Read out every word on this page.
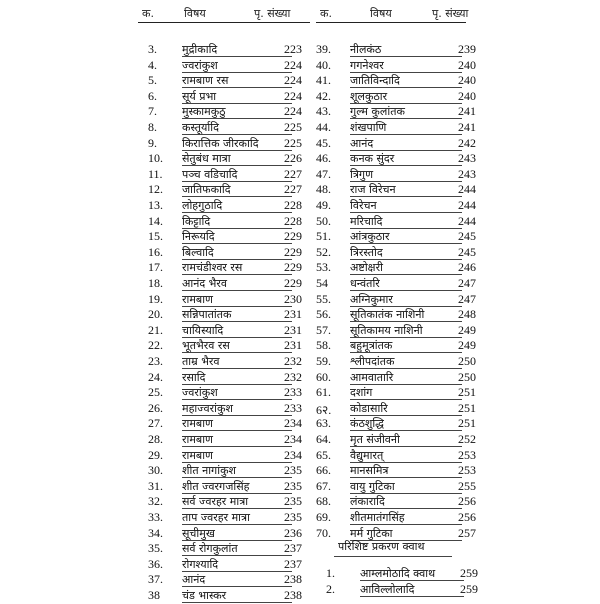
क.	विषय	पृ. संख्या	क.	विषय	पृ. संख्या
3.	मुद्रीकादि	223
4.	ज्वरांकुश	224
5.	रामबाण रस	224
6.	सूर्य प्रभा	224
7.	मुस्कामकुठु	224
8.	कस्तूर्यादि	225
9.	किरात्तिक जीरकादि	225
10.	सेतुबंध मात्रा	226
11.	पञ्च वडिचादि	227
12.	जातिफकादि	227
13.	लोहगुठादि	228
14.	किट्टादि	228
15.	निरूयदि	229
16.	बिल्वादि	229
17.	रामचंडीश्वर रस	229
18.	आनंद भैरव	229
19.	रामबाण	230
20.	सन्निपातांतक	231
21.	चायिस्यादि	231
22.	भूतभैरव रस	231
23.	ताम्र भैरव	232
24.	रसादि	232
25.	ज्वरांकुश	233
26.	महाज्वरांकुश	233
27.	रामबाण	234
28.	रामबाण	234
29.	रामबाण	234
30.	शीत नागांकुश	235
31.	शीत ज्वरगजसिंह	235
32.	सर्व ज्वरहर मात्रा	235
33.	ताप ज्वरहर मात्रा	235
34.	सूचीमुख	236
35.	सर्व रोगकुलांत	237
36.	रोगश्यादि	237
37.	आनंद	238
38	चंड भास्कर	238
39.	नीलकंठ	239
40.	गगनेश्वर	240
41.	जातिविन्दादि	240
42.	शूलकुठार	240
43.	गुल्म कुलांतक	241
44.	शंखपाणि	241
45.	आनंद	242
46.	कनक सुंदर	243
47.	त्रिगुण	243
48.	राज विरेचन	244
49.	विरेचन	244
50.	मरिचादि	244
51.	आंत्रकुठार	245
52.	त्रिरस्तोद	245
53.	अष्टोक्षरी	246
54	धन्वंतरि	247
55.	अग्निकुमार	247
56.	सूतिकातंक नाशिनी	248
57.	सूतिकामय नाशिनी	249
58.	बहुमूत्रांतक	249
59.	श्लीपदांतक	250
60.	आमवातारि	250
61.	दशांग	251
6२.	कोडासारि	251
63.	कंठशुद्धि	251
64.	मृत संजीवनी	252
65.	वैद्युमारत्	253
66.	मानसमित्र	253
67.	वायु गुटिका	255
68.	लंकारादि	256
69.	शीतमातंगसिंह	256
70.	मर्म गुटिका	257
परिशिष्ट प्रकरण क्वाथ
1.	आम्लमोठादि क्वाथ	259
2.	आविल्लोलादि	259
